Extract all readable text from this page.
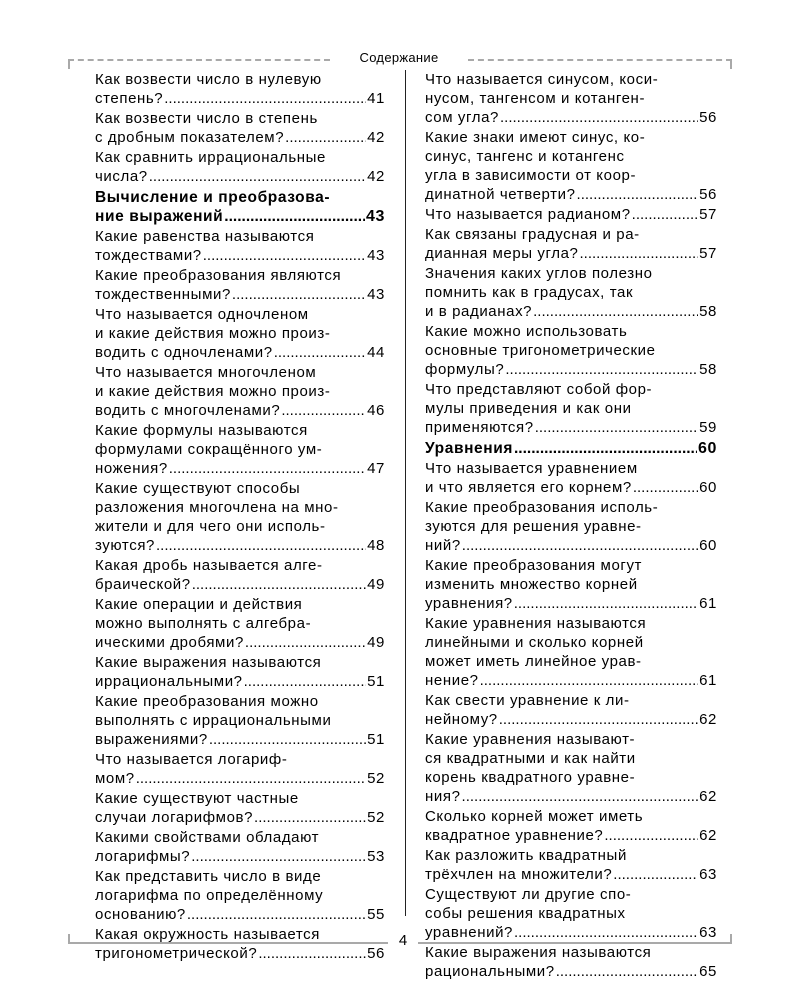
Содержание
Как возвести число в нулевую
степень? .....	41
Как возвести число в степень
с дробным показателем? .....	42
Как сравнить иррациональные
числа? .....	42
Вычисление и преобразова-
ние выражений .....	43
Какие равенства называются
тождествами? .....	43
Какие преобразования являются
тождественными? .....	43
Что называется одночленом
и какие действия можно произ-
водить с одночленами? .....	44
Что называется многочленом
и какие действия можно произ-
водить с многочленами? .....	46
Какие формулы называются
формулами сокращённого ум-
ножения? .....	47
Какие существуют способы
разложения многочлена на мно-
жители и для чего они исполь-
зуются? .....	48
Какая дробь называется алге-
браической? .....	49
Какие операции и действия
можно выполнять с алгебра-
ическими дробями? .....	49
Какие выражения называются
иррациональными? .....	51
Какие преобразования можно
выполнять с иррациональными
выражениями? .....	51
Что называется логариф-
мом? .....	52
Какие существуют частные
случаи логарифмов? .....	52
Какими свойствами обладают
логарифмы? .....	53
Как представить число в виде
логарифма по определённому
основанию? .....	55
Какая окружность называется
тригонометрической? .....	56
Что называется синусом, коси-
нусом, тангенсом и котанген-
сом угла? .....	56
Какие знаки имеют синус, ко-
синус, тангенс и котангенс
угла в зависимости от коор-
динатной четверти? .....	56
Что называется радианом? .....	57
Как связаны градусная и ра-
дианная меры угла? .....	57
Значения каких углов полезно
помнить как в градусах, так
и в радианах? .....	58
Какие можно использовать
основные тригонометрические
формулы? .....	58
Что представляют собой фор-
мулы приведения и как они
применяются? .....	59
Уравнения .....	60
Что называется уравнением
и что является его корнем? .....	60
Какие преобразования исполь-
зуются для решения уравне-
ний? .....	60
Какие преобразования могут
изменить множество корней
уравнения? .....	61
Какие уравнения называются
линейными и сколько корней
может иметь линейное урав-
нение? .....	61
Как свести уравнение к ли-
нейному? .....	62
Какие уравнения называют-
ся квадратными и как найти
корень квадратного уравне-
ния? .....	62
Сколько корней может иметь
квадратное уравнение? .....	62
Как разложить квадратный
трёхчлен на множители? .....	63
Существуют ли другие спо-
собы решения квадратных
уравнений? .....	63
Какие выражения называются
рациональными? .....	65
4
